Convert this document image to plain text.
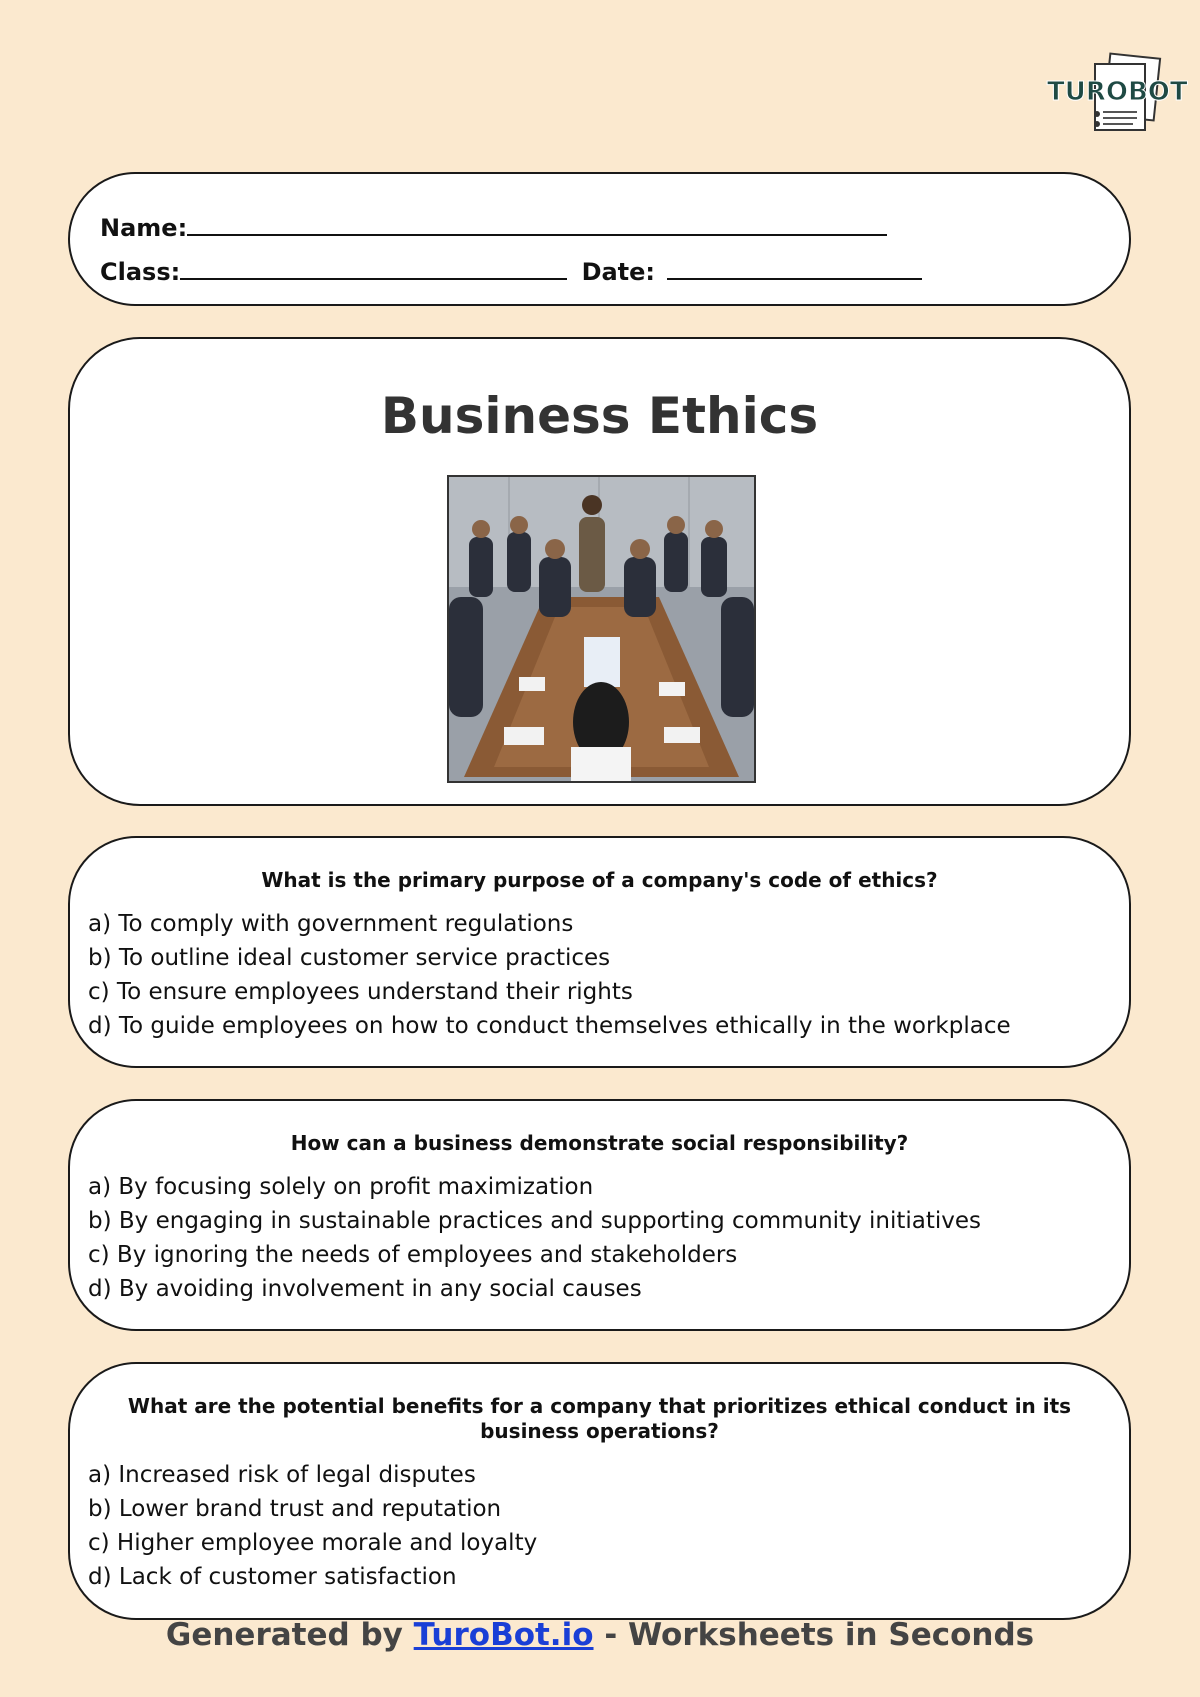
TUROBOT
Name:
Class:	Date:
Business Ethics

What is the primary purpose of a company's code of ethics?

a) To comply with government regulations
b) To outline ideal customer service practices
c) To ensure employees understand their rights
d) To guide employees on how to conduct themselves ethically in the workplace

How can a business demonstrate social responsibility?

a) By focusing solely on profit maximization
b) By engaging in sustainable practices and supporting community initiatives
c) By ignoring the needs of employees and stakeholders
d) By avoiding involvement in any social causes

What are the potential benefits for a company that prioritizes ethical conduct in its business operations?

a) Increased risk of legal disputes
b) Lower brand trust and reputation
c) Higher employee morale and loyalty
d) Lack of customer satisfaction
Generated by TuroBot.io - Worksheets in Seconds
